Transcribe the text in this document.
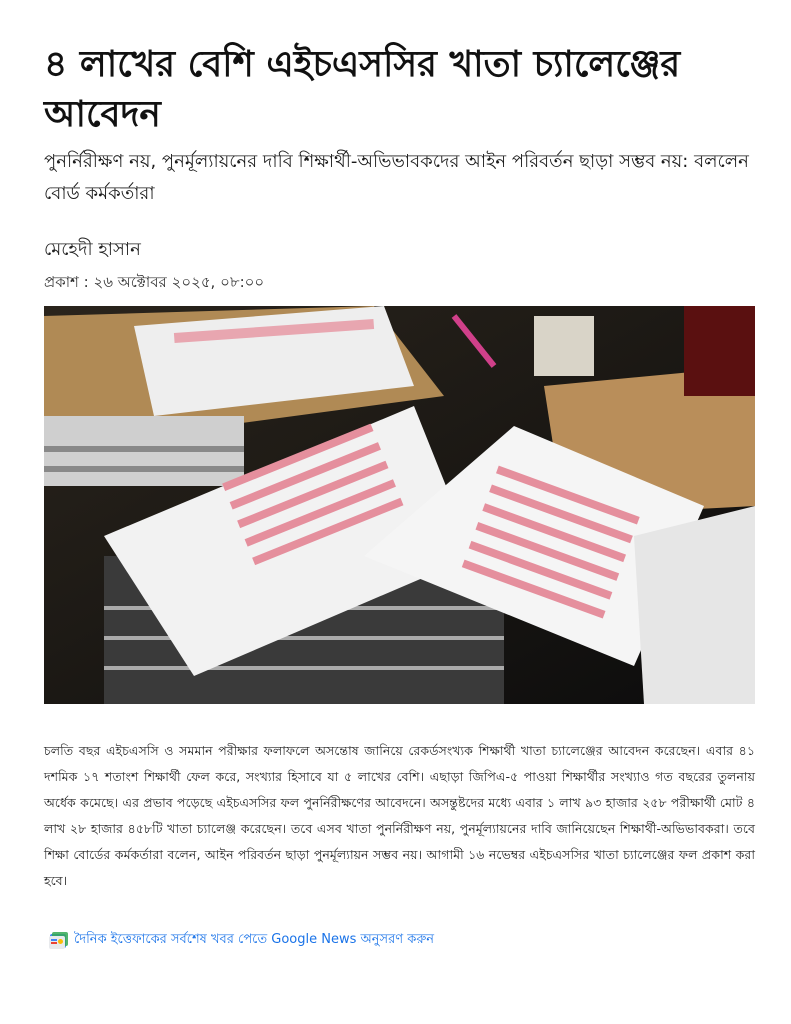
৪ লাখের বেশি এইচএসসির খাতা চ্যালেঞ্জের আবেদন

পুনর্নিরীক্ষণ নয়, পুনর্মূল্যায়নের দাবি শিক্ষার্থী-অভিভাবকদের আইন পরিবর্তন ছাড়া সম্ভব নয়: বললেন বোর্ড কর্মকর্তারা

মেহেদী হাসান
প্রকাশ : ২৬ অক্টোবর ২০২৫, ০৮:০০

চলতি বছর এইচএসসি ও সমমান পরীক্ষার ফলাফলে অসন্তোষ জানিয়ে রেকর্ডসংখ্যক শিক্ষার্থী খাতা চ্যালেঞ্জের আবেদন করেছেন। এবার ৪১ দশমিক ১৭ শতাংশ শিক্ষার্থী ফেল করে, সংখ্যার হিসাবে যা ৫ লাখের বেশি। এছাড়া জিপিএ-৫ পাওয়া শিক্ষার্থীর সংখ্যাও গত বছরের তুলনায় অর্ধেক কমেছে। এর প্রভাব পড়েছে এইচএসসির ফল পুনর্নিরীক্ষণের আবেদনে। অসন্তুষ্টদের মধ্যে এবার ১ লাখ ৯৩ হাজার ২৫৮ পরীক্ষার্থী মোট ৪ লাখ ২৮ হাজার ৪৫৮টি খাতা চ্যালেঞ্জ করেছেন। তবে এসব খাতা পুনর্নিরীক্ষণ নয়, পুনর্মূল্যায়নের দাবি জানিয়েছেন শিক্ষার্থী-অভিভাবকরা। তবে শিক্ষা বোর্ডের কর্মকর্তারা বলেন, আইন পরিবর্তন ছাড়া পুনর্মূল্যায়ন সম্ভব নয়। আগামী ১৬ নভেম্বর এইচএসসির খাতা চ্যালেঞ্জের ফল প্রকাশ করা হবে।

দৈনিক ইত্তেফাকের সর্বশেষ খবর পেতে Google News অনুসরণ করুন
